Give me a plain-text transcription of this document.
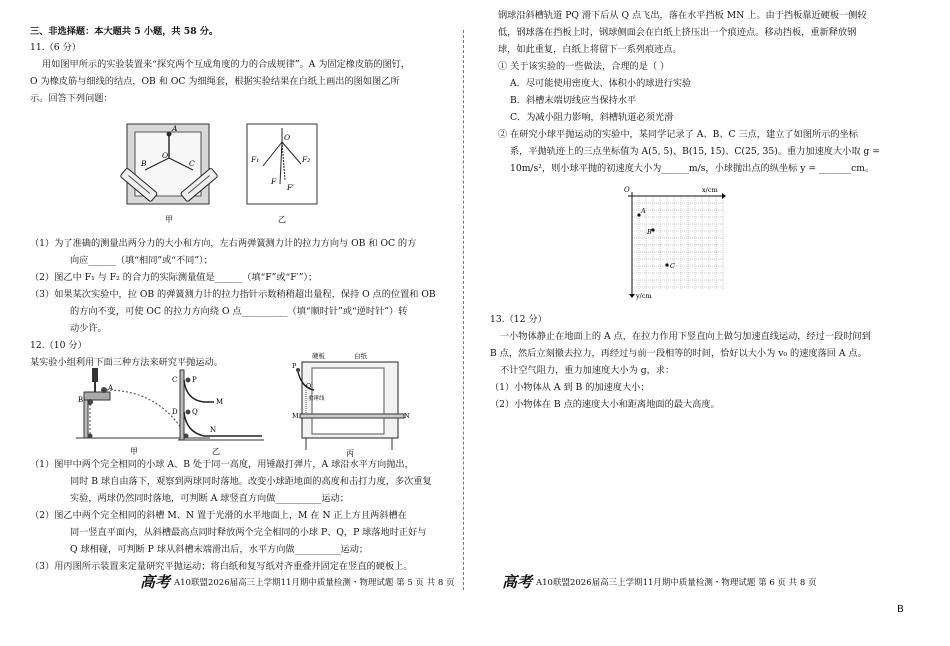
三、非选择题：本大题共 5 小题，共 58 分。
11.（6 分）
用如图甲所示的实验装置来“探究两个互成角度的力的合成规律”。A 为固定橡皮筋的图钉，
O 为橡皮筋与细线的结点，OB 和 OC 为细绳套，根据实验结果在白纸上画出的图如图乙所
示。回答下列问题：
A
O
B	C
甲
O
F₁	F₂
F
F′
乙
（1）为了准确的测量出两分力的大小和方向，左右两弹簧测力计的拉力方向与 OB 和 OC 的方
向应______（填“相同”或“不同”）；
（2）图乙中 F₁ 与 F₂ 的合力的实际测量值是______（填“F”或“F′”）；
（3）如果某次实验中，拉 OB 的弹簧测力计的拉力指针示数稍稍超出量程，保持 O 点的位置和 OB
的方向不变，可使 OC 的拉力方向绕 O 点__________（填“顺时针”或“逆时针”）转
动少许。
12.（10 分）
某实验小组利用下面三种方法来研究平抛运动。
A
B
甲
C P
M
D Q
N
乙
硬板	白纸
P
重锤线
Q
M	N
丙
（1）图甲中两个完全相同的小球 A、B 处于同一高度，用锤敲打弹片，A 球沿水平方向抛出，
同时 B 球自由落下，观察到两球同时落地。改变小球距地面的高度和击打力度，多次重复
实验，两球仍然同时落地，可判断 A 球竖直方向做__________运动；
（2）图乙中两个完全相同的斜槽 M、N 置于光滑的水平地面上，M 在 N 正上方且两斜槽在
同一竖直平面内，从斜槽最高点同时释放两个完全相同的小球 P、Q，P 球落地时正好与
Q 球相碰，可判断 P 球从斜槽末端滑出后，水平方向做__________运动；
（3）用丙图所示装置来定量研究平抛运动；将白纸和复写纸对齐重叠并固定在竖直的硬板上。
高考 A10联盟2026届高三上学期11月期中质量检测・物理试题 第 5 页 共 8 页
钢球沿斜槽轨道 PQ 滑下后从 Q 点飞出，落在水平挡板 MN 上。由于挡板靠近硬板一侧较
低，钢球落在挡板上时，钢球侧面会在白纸上挤压出一个痕迹点。移动挡板，重新释放钢
球，如此重复，白纸上将留下一系列痕迹点。
① 关于该实验的一些做法，合理的是（ ）
A．尽可能使用密度大、体积小的球进行实验
B．斜槽末端切线应当保持水平
C．为减小阻力影响，斜槽轨道必须光滑
② 在研究小球平抛运动的实验中，某同学记录了 A、B、C 三点，建立了如图所示的坐标
系，平抛轨迹上的三点坐标值为 A(5, 5)、B(15, 15)、C(25, 35)。重力加速度大小取 g =
10m/s²，则小球平抛的初速度大小为______m/s，小球抛出点的纵坐标 y = _______cm。
O	x/cm
y/cm
A
B
C
13.（12 分）
一小物体静止在地面上的 A 点，在拉力作用下竖直向上做匀加速直线运动，经过一段时间到
B 点，然后立刻撤去拉力，再经过与前一段相等的时间，恰好以大小为 v₀ 的速度落回 A 点。
不计空气阻力，重力加速度大小为 g，求：
（1）小物体从 A 到 B 的加速度大小；
（2）小物体在 B 点的速度大小和距离地面的最大高度。
高考 A10联盟2026届高三上学期11月期中质量检测・物理试题 第 6 页 共 8 页
B
